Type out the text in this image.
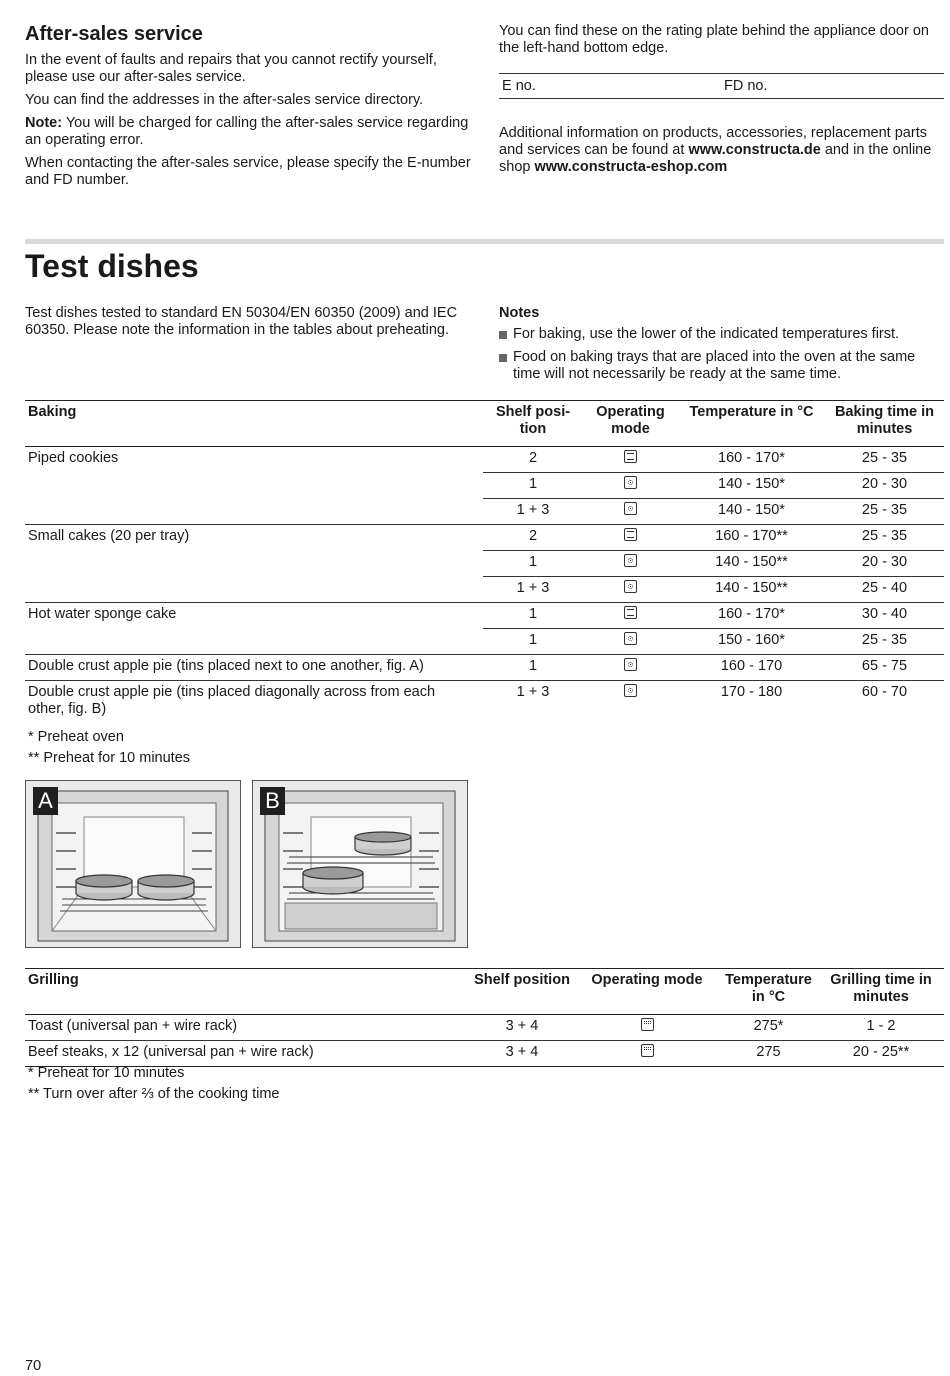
After-sales service

In the event of faults and repairs that you cannot rectify yourself, please use our after-sales service.

You can find the addresses in the after-sales service directory.

Note: You will be charged for calling the after-sales service regarding an operating error.

When contacting the after-sales service, please specify the E-number and FD number.

You can find these on the rating plate behind the appliance door on the left-hand bottom edge.

E no.	FD no.

Additional information on products, accessories, replacement parts and services can be found at www.constructa.de and in the online shop www.constructa-eshop.com

Test dishes

Test dishes tested to standard EN 50304/EN 60350 (2009) and IEC 60350. Please note the information in the tables about preheating.

Notes

For baking, use the lower of the indicated temperatures first.

Food on baking trays that are placed into the oven at the same time will not necessarily be ready at the same time.

Baking	Shelf posi-tion	Operating mode	Temperature in °C	Baking time in minutes
Piped cookies	2		160 - 170*	25 - 35
	1		140 - 150*	20 - 30
	1 + 3		140 - 150*	25 - 35
Small cakes (20 per tray)	2		160 - 170**	25 - 35
	1		140 - 150**	20 - 30
	1 + 3		140 - 150**	25 - 40
Hot water sponge cake	1		160 - 170*	30 - 40
	1		150 - 160*	25 - 35
Double crust apple pie (tins placed next to one another, fig. A)	1		160 - 170	65 - 75
Double crust apple pie (tins placed diagonally across from each other, fig. B)	1 + 3		170 - 180	60 - 70

* Preheat oven

** Preheat for 10 minutes

A	B
Grilling	Shelf position	Operating mode	Temperature in °C	Grilling time in minutes
Toast (universal pan + wire rack)	3 + 4		275*	1 - 2
Beef steaks, x 12 (universal pan + wire rack)	3 + 4		275	20 - 25**

* Preheat for 10 minutes

** Turn over after ⅔ of the cooking time

70
